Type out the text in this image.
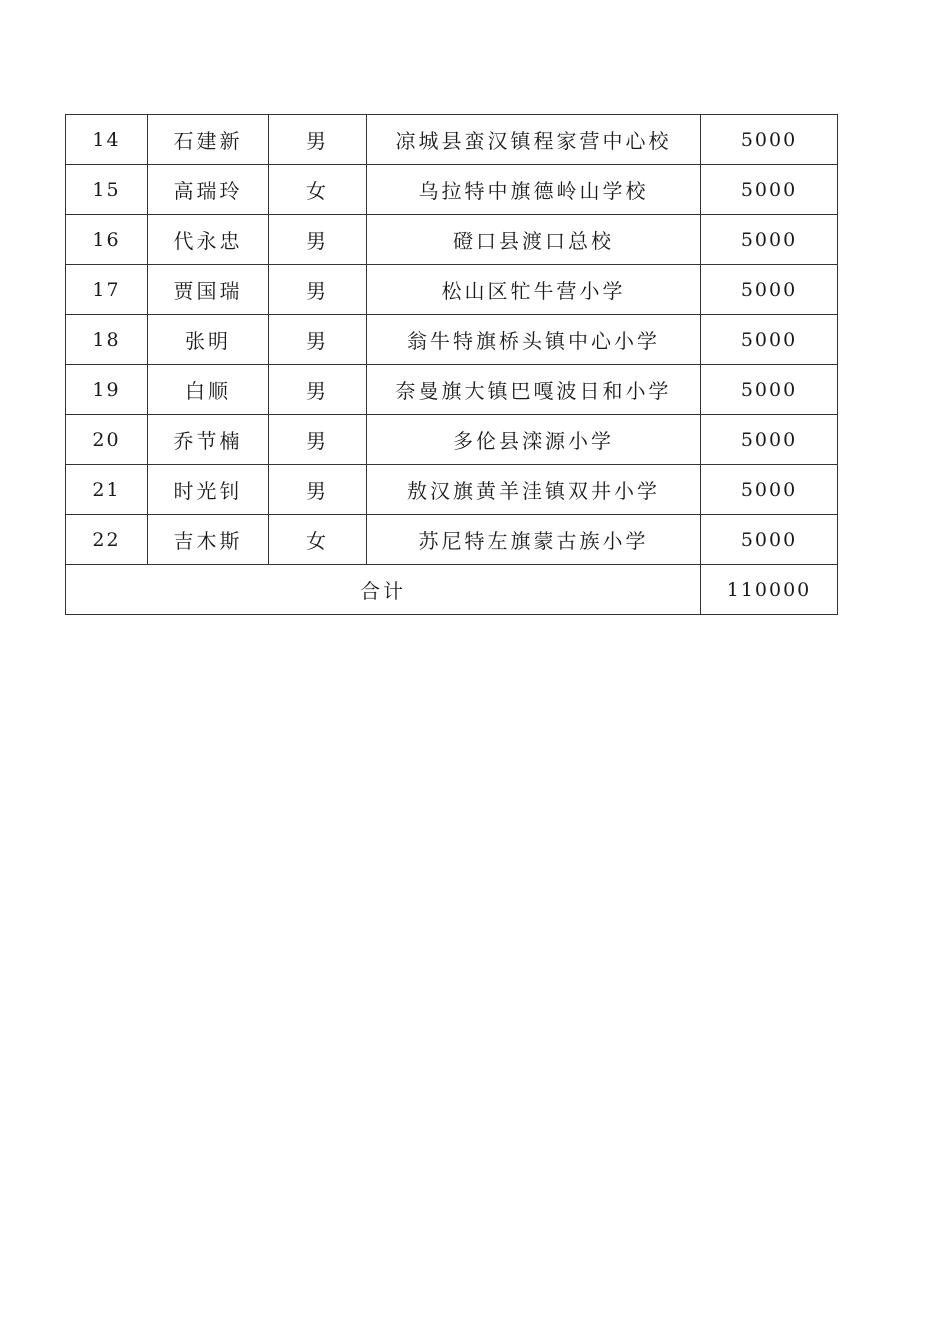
14	石建新	男	凉城县蛮汉镇程家营中心校	5000
15	高瑞玲	女	乌拉特中旗德岭山学校	5000
16	代永忠	男	磴口县渡口总校	5000
17	贾国瑞	男	松山区牤牛营小学	5000
18	张明	男	翁牛特旗桥头镇中心小学	5000
19	白顺	男	奈曼旗大镇巴嘎波日和小学	5000
20	乔节楠	男	多伦县滦源小学	5000
21	时光钊	男	敖汉旗黄羊洼镇双井小学	5000
22	吉木斯	女	苏尼特左旗蒙古族小学	5000
合计				110000
